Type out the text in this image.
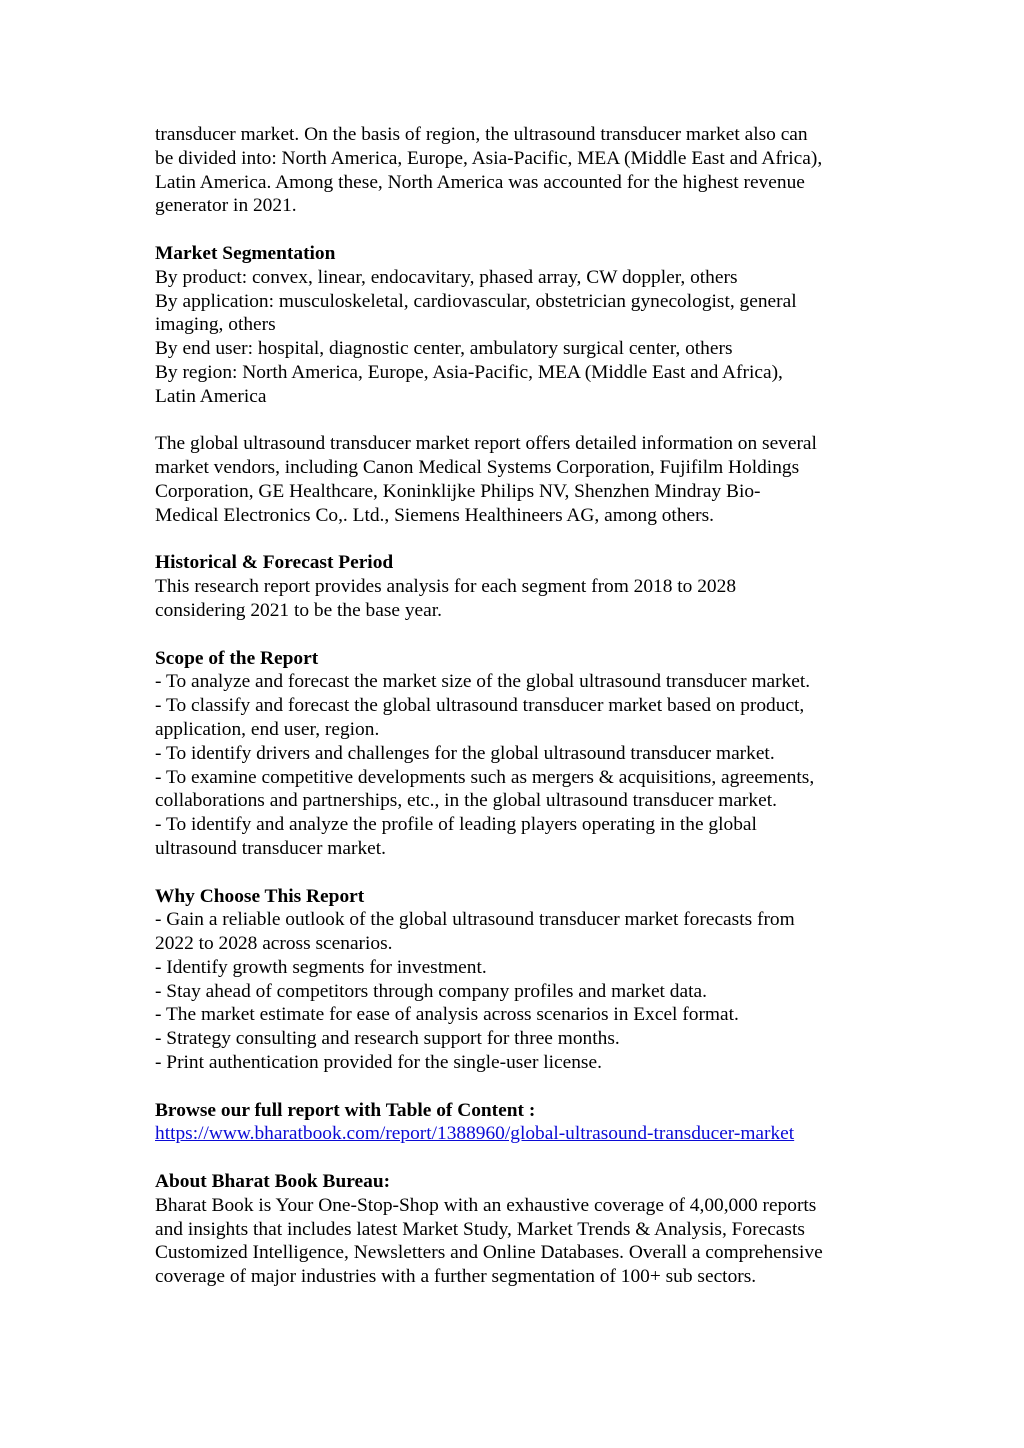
transducer market. On the basis of region, the ultrasound transducer market also can
be divided into: North America, Europe, Asia-Pacific, MEA (Middle East and Africa),
Latin America. Among these, North America was accounted for the highest revenue
generator in 2021.
Market Segmentation
By product: convex, linear, endocavitary, phased array, CW doppler, others
By application: musculoskeletal, cardiovascular, obstetrician gynecologist, general
imaging, others
By end user: hospital, diagnostic center, ambulatory surgical center, others
By region: North America, Europe, Asia-Pacific, MEA (Middle East and Africa),
Latin America
The global ultrasound transducer market report offers detailed information on several
market vendors, including Canon Medical Systems Corporation, Fujifilm Holdings
Corporation, GE Healthcare, Koninklijke Philips NV, Shenzhen Mindray Bio-
Medical Electronics Co,. Ltd., Siemens Healthineers AG, among others.
Historical & Forecast Period
This research report provides analysis for each segment from 2018 to 2028
considering 2021 to be the base year.
Scope of the Report
- To analyze and forecast the market size of the global ultrasound transducer market.
- To classify and forecast the global ultrasound transducer market based on product,
application, end user, region.
- To identify drivers and challenges for the global ultrasound transducer market.
- To examine competitive developments such as mergers & acquisitions, agreements,
collaborations and partnerships, etc., in the global ultrasound transducer market.
- To identify and analyze the profile of leading players operating in the global
ultrasound transducer market.
Why Choose This Report
- Gain a reliable outlook of the global ultrasound transducer market forecasts from
2022 to 2028 across scenarios.
- Identify growth segments for investment.
- Stay ahead of competitors through company profiles and market data.
- The market estimate for ease of analysis across scenarios in Excel format.
- Strategy consulting and research support for three months.
- Print authentication provided for the single-user license.
Browse our full report with Table of Content :
https://www.bharatbook.com/report/1388960/global-ultrasound-transducer-market
About Bharat Book Bureau:
Bharat Book is Your One-Stop-Shop with an exhaustive coverage of 4,00,000 reports
and insights that includes latest Market Study, Market Trends & Analysis, Forecasts
Customized Intelligence, Newsletters and Online Databases. Overall a comprehensive
coverage of major industries with a further segmentation of 100+ sub sectors.
